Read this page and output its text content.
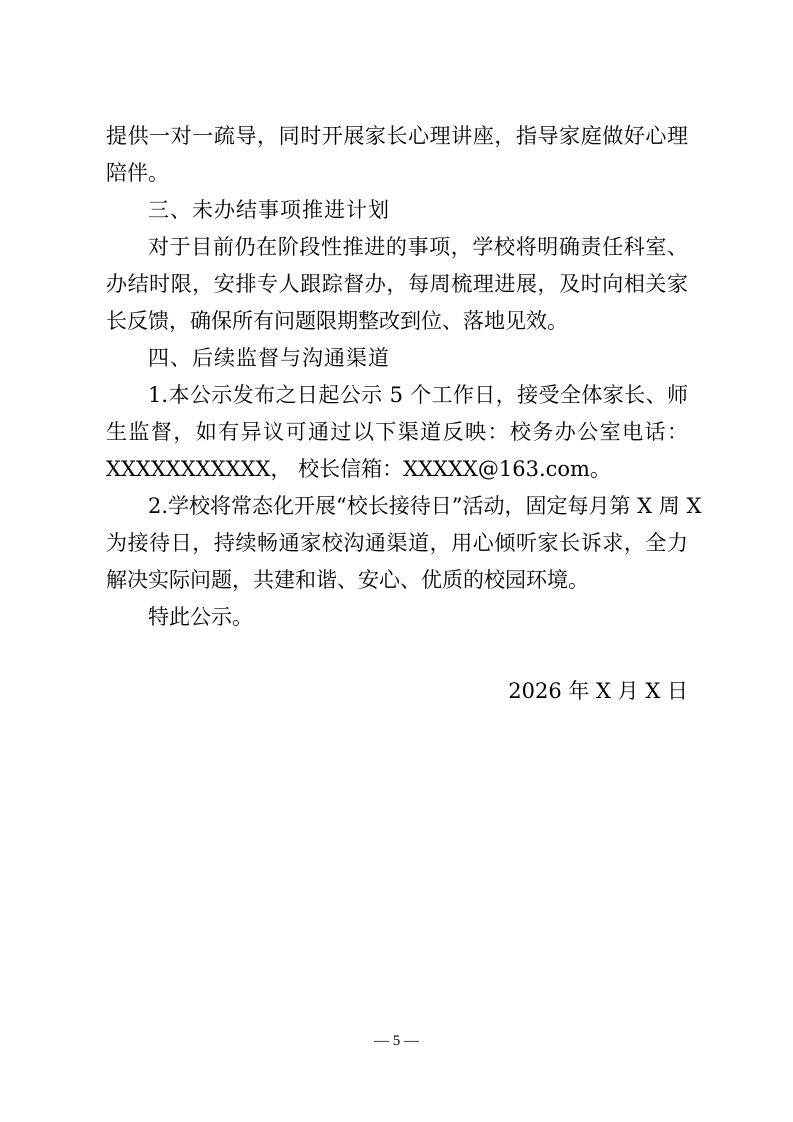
提供一对一疏导，同时开展家长心理讲座，指导家庭做好心理
陪伴。
三、未办结事项推进计划
对于目前仍在阶段性推进的事项，学校将明确责任科室、
办结时限，安排专人跟踪督办，每周梳理进展，及时向相关家
长反馈，确保所有问题限期整改到位、落地见效。
四、后续监督与沟通渠道
1.本公示发布之日起公示 5 个工作日，接受全体家长、师
生监督，如有异议可通过以下渠道反映：校务办公室电话：
XXXXXXXXXXX， 校长信箱：XXXXX@163.com。
2.学校将常态化开展“校长接待日”活动，固定每月第 X 周 X
为接待日，持续畅通家校沟通渠道，用心倾听家长诉求，全力
解决实际问题，共建和谐、安心、优质的校园环境。
特此公示。
2026 年 X 月 X 日
— 5 —
